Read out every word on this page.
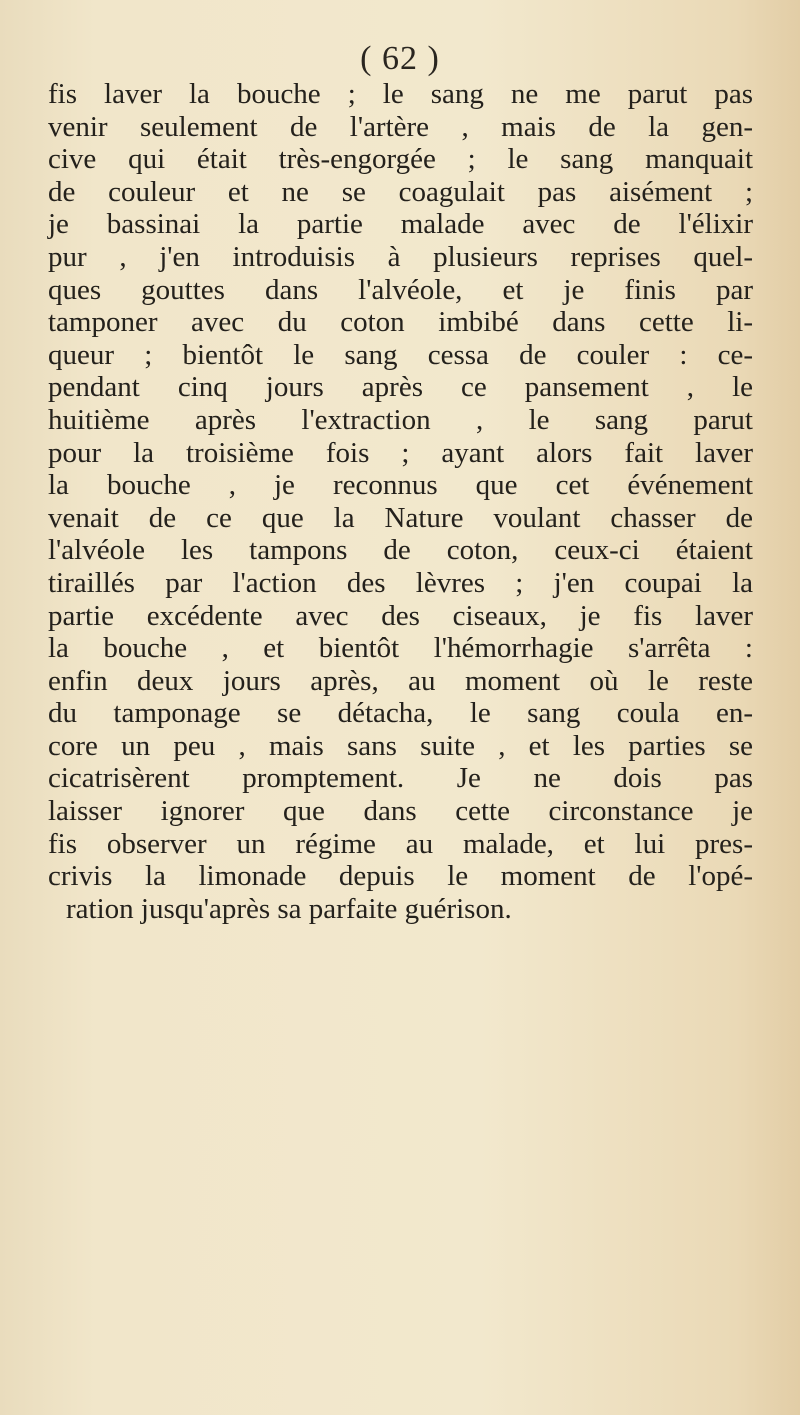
( 62 )
fis laver la bouche ; le sang ne me parut pas
venir seulement de l'artère , mais de la gen-
cive qui était très-engorgée ; le sang manquait
de couleur et ne se coagulait pas aisément ;
je bassinai la partie malade avec de l'élixir
pur , j'en introduisis à plusieurs reprises quel-
ques gouttes dans l'alvéole, et je finis par
tamponer avec du coton imbibé dans cette li-
queur ; bientôt le sang cessa de couler : ce-
pendant cinq jours après ce pansement , le
huitième après l'extraction , le sang parut
pour la troisième fois ; ayant alors fait laver
la bouche , je reconnus que cet événement
venait de ce que la Nature voulant chasser de
l'alvéole les tampons de coton, ceux-ci étaient
tiraillés par l'action des lèvres ; j'en coupai la
partie excédente avec des ciseaux, je fis laver
la bouche , et bientôt l'hémorrhagie s'arrêta :
enfin deux jours après, au moment où le reste
du tamponage se détacha, le sang coula en-
core un peu , mais sans suite , et les parties se
cicatrisèrent promptement. Je ne dois pas
laisser ignorer que dans cette circonstance je
fis observer un régime au malade, et lui pres-
crivis la limonade depuis le moment de l'opé-
ration jusqu'après sa parfaite guérison.
